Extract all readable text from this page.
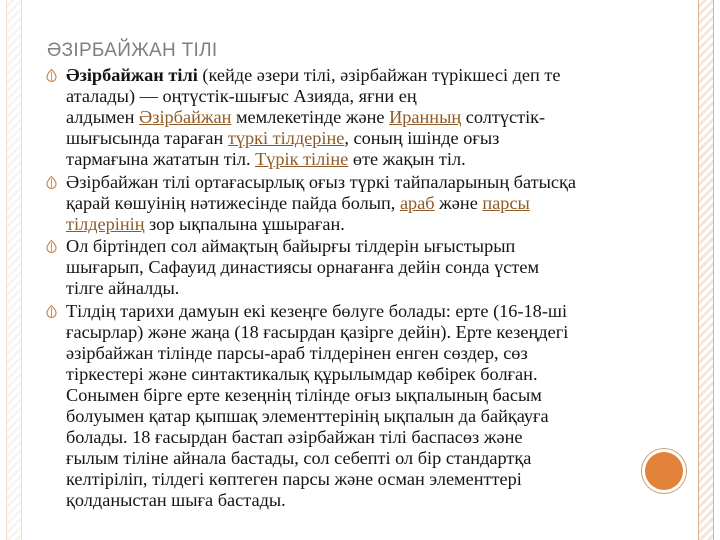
ӘЗІРБАЙЖАН ТІЛІ
Әзірбайжан тілі (кейде әзери тілі, әзірбайжан түрікшесі деп те
аталады) — оңтүстік-шығыс Азияда, яғни ең
алдымен Әзірбайжан мемлекетінде және Иранның солтүстік-
шығысында тараған түркі тілдеріне, соның ішінде оғыз
тармағына жататын тіл. Түрік тіліне өте жақын тіл.
Әзірбайжан тілі ортағасырлық оғыз түркі тайпаларының батысқа
қарай көшуінің нәтижесінде пайда болып, араб және парсы
тілдерінің зор ықпалына ұшыраған.
Ол біртіндеп сол аймақтың байырғы тілдерін ығыстырып
шығарып, Сафауид династиясы орнағанға дейін сонда үстем
тілге айналды.
Тілдің тарихи дамуын екі кезеңге бөлуге болады: ерте (16-18-ші
ғасырлар) және жаңа (18 ғасырдан қазірге дейін). Ерте кезеңдегі
әзірбайжан тілінде парсы-араб тілдерінен енген сөздер, сөз
тіркестері және синтактикалық құрылымдар көбірек болған.
Сонымен бірге ерте кезеңнің тілінде оғыз ықпалының басым
болуымен қатар қыпшақ элементтерінің ықпалын да байқауға
болады. 18 ғасырдан бастап әзірбайжан тілі баспасөз және
ғылым тіліне айнала бастады, сол себепті ол бір стандартқа
келтіріліп, тілдегі көптеген парсы және осман элементтері
қолданыстан шыға бастады.
